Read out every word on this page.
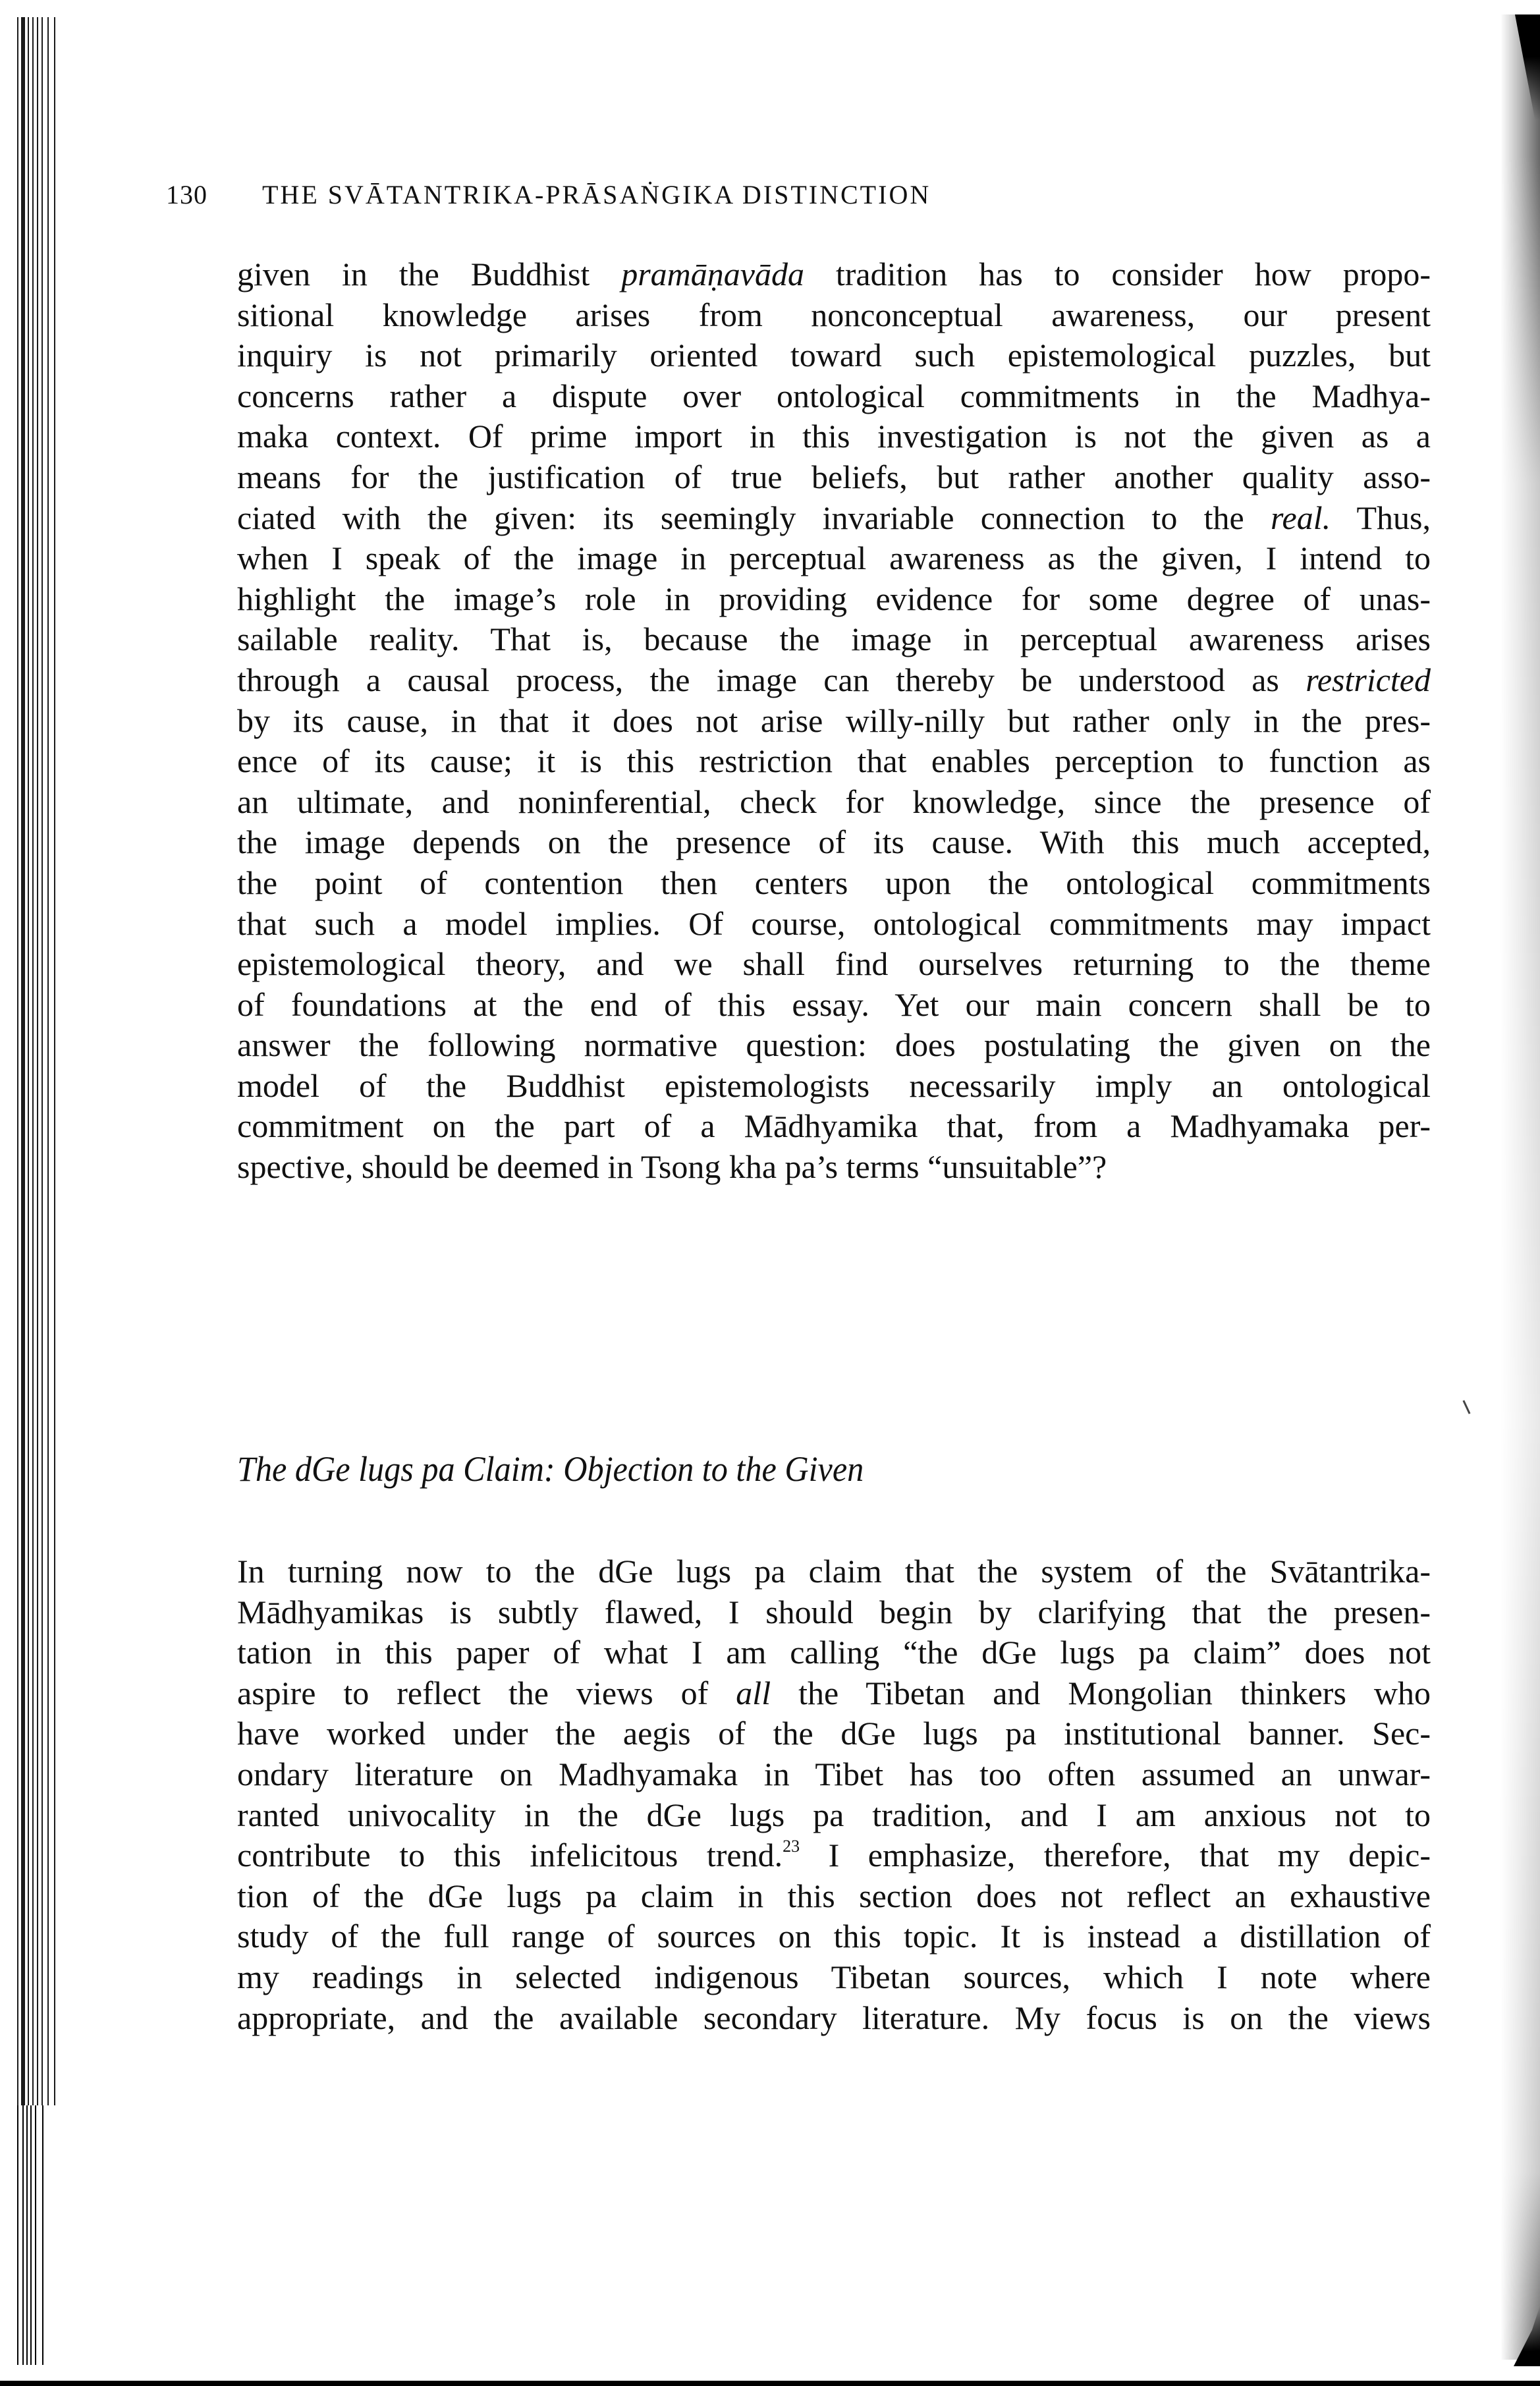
130 THE SVĀTANTRIKA-PRĀSAṄGIKA DISTINCTION
given in the Buddhist pramāṇavāda tradition has to consider how propo-
sitional knowledge arises from nonconceptual awareness, our present
inquiry is not primarily oriented toward such epistemological puzzles, but
concerns rather a dispute over ontological commitments in the Madhya-
maka context. Of prime import in this investigation is not the given as a
means for the justification of true beliefs, but rather another quality asso-
ciated with the given: its seemingly invariable connection to the real. Thus,
when I speak of the image in perceptual awareness as the given, I intend to
highlight the image’s role in providing evidence for some degree of unas-
sailable reality. That is, because the image in perceptual awareness arises
through a causal process, the image can thereby be understood as restricted
by its cause, in that it does not arise willy-nilly but rather only in the pres-
ence of its cause; it is this restriction that enables perception to function as
an ultimate, and noninferential, check for knowledge, since the presence of
the image depends on the presence of its cause. With this much accepted,
the point of contention then centers upon the ontological commitments
that such a model implies. Of course, ontological commitments may impact
epistemological theory, and we shall find ourselves returning to the theme
of foundations at the end of this essay. Yet our main concern shall be to
answer the following normative question: does postulating the given on the
model of the Buddhist epistemologists necessarily imply an ontological
commitment on the part of a Mādhyamika that, from a Madhyamaka per-
spective, should be deemed in Tsong kha pa’s terms “unsuitable”?
The dGe lugs pa Claim: Objection to the Given
In turning now to the dGe lugs pa claim that the system of the Svātantrika-
Mādhyamikas is subtly flawed, I should begin by clarifying that the presen-
tation in this paper of what I am calling “the dGe lugs pa claim” does not
aspire to reflect the views of all the Tibetan and Mongolian thinkers who
have worked under the aegis of the dGe lugs pa institutional banner. Sec-
ondary literature on Madhyamaka in Tibet has too often assumed an unwar-
ranted univocality in the dGe lugs pa tradition, and I am anxious not to
contribute to this infelicitous trend.$^{23}$ I emphasize, therefore, that my depic-
tion of the dGe lugs pa claim in this section does not reflect an exhaustive
study of the full range of sources on this topic. It is instead a distillation of
my readings in selected indigenous Tibetan sources, which I note where
appropriate, and the available secondary literature. My focus is on the views
